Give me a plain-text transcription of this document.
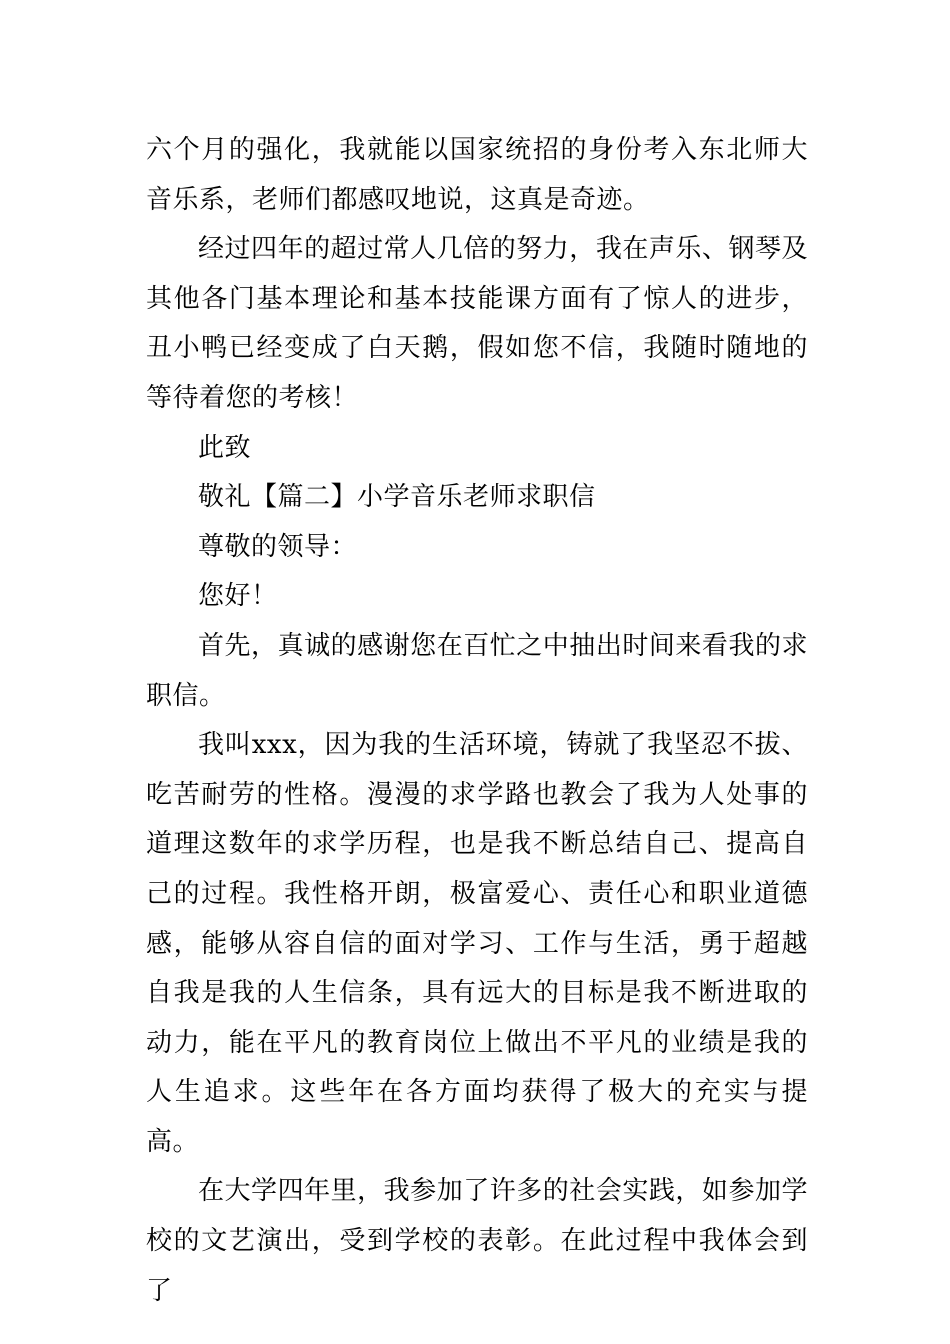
六个月的强化，我就能以国家统招的身份考入东北师大音乐系，老师们都感叹地说，这真是奇迹。

经过四年的超过常人几倍的努力，我在声乐、钢琴及其他各门基本理论和基本技能课方面有了惊人的进步，丑小鸭已经变成了白天鹅，假如您不信，我随时随地的等待着您的考核！

此致

敬礼【篇二】小学音乐老师求职信

尊敬的领导：

您好！

首先，真诚的感谢您在百忙之中抽出时间来看我的求职信。

我叫xxx，因为我的生活环境，铸就了我坚忍不拔、吃苦耐劳的性格。漫漫的求学路也教会了我为人处事的道理这数年的求学历程，也是我不断总结自己、提高自己的过程。我性格开朗，极富爱心、责任心和职业道德感，能够从容自信的面对学习、工作与生活，勇于超越自我是我的人生信条，具有远大的目标是我不断进取的动力，能在平凡的教育岗位上做出不平凡的业绩是我的人生追求。这些年在各方面均获得了极大的充实与提高。

在大学四年里，我参加了许多的社会实践，如参加学校的文艺演出，受到学校的表彰。在此过程中我体会到了
